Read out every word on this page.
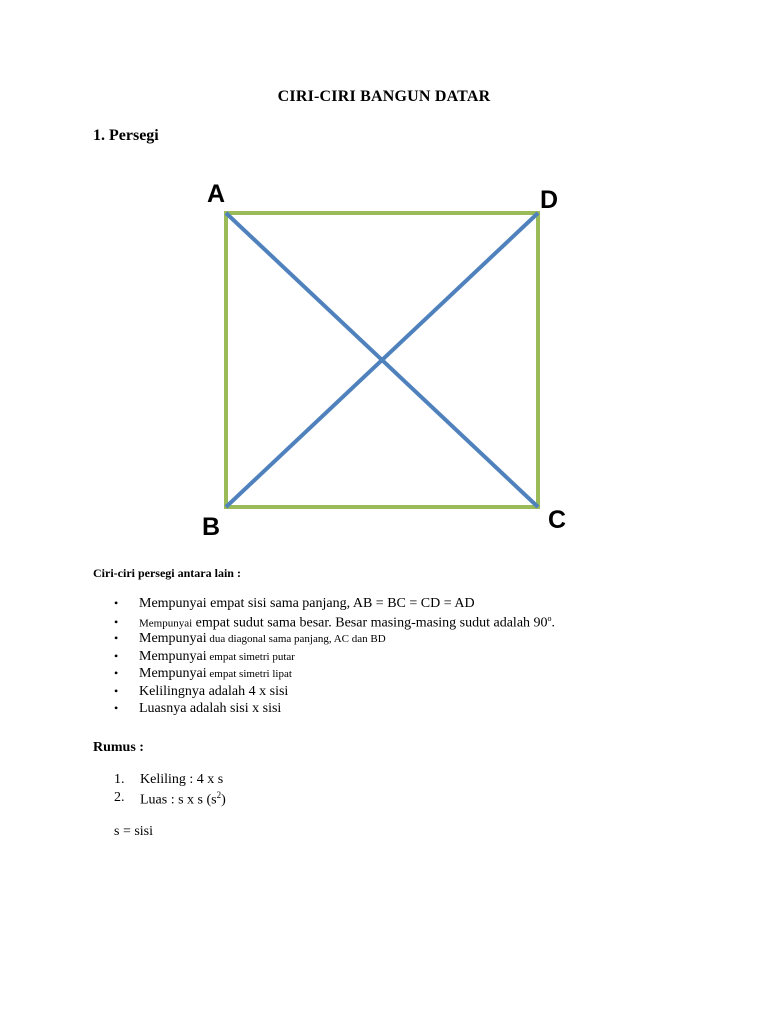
CIRI-CIRI BANGUN DATAR
1. Persegi
A	D
B	C
Ciri-ciri persegi antara lain :
•	Mempunyai empat sisi sama panjang, AB = BC = CD = AD
•	Mempunyai empat sudut sama besar. Besar masing-masing sudut adalah 90$^o$.
•	Mempunyai dua diagonal sama panjang, AC dan BD
•	Mempunyai empat simetri putar
•	Mempunyai empat simetri lipat
•	Kelilingnya adalah 4 x sisi
•	Luasnya adalah sisi x sisi
Rumus :
1.	Keliling : 4 x s
2.	Luas : s x s $(s^2)$
s = sisi
